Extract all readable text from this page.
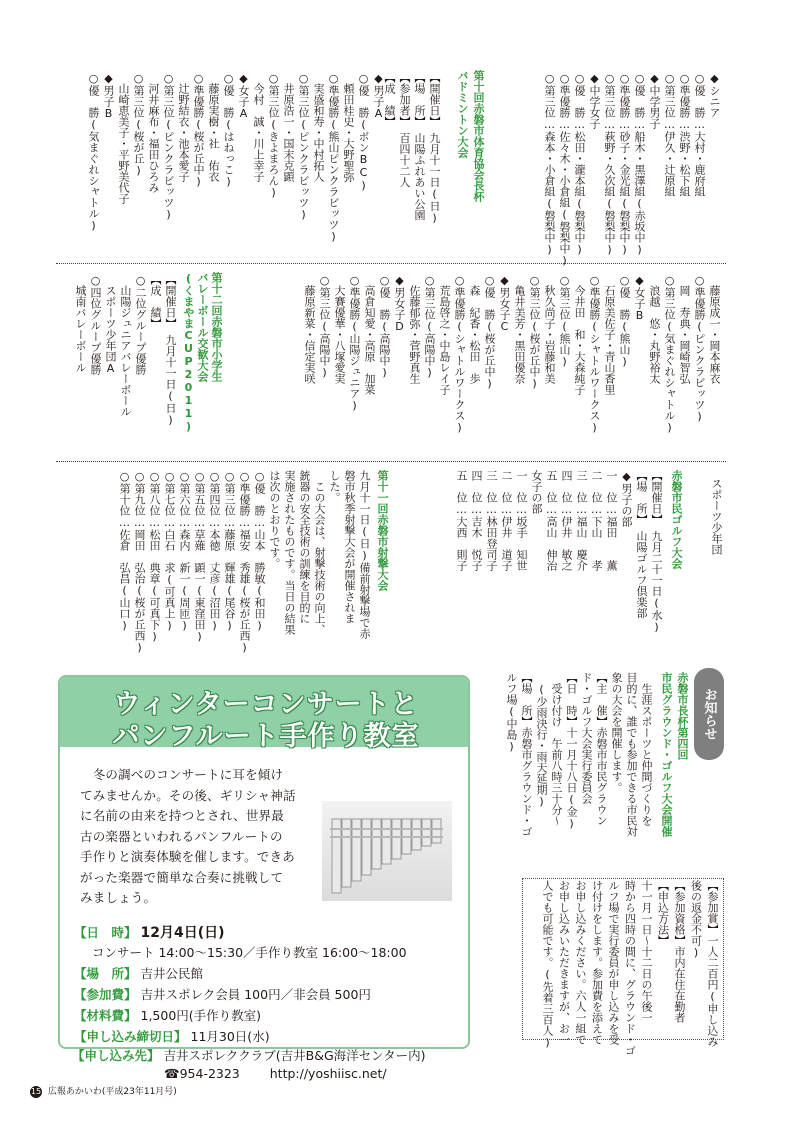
◆シニア
○優　勝…大村・鹿府組
○準優勝…渋野・松下組
○第三位…伊久・辻原組
◆中学男子
○優　勝…船木・黒澤組(赤坂中)
○準優勝…砂子・金光組(磐梨中)
○第三位…萩野・久次組(磐梨中)
◆中学女子
○優　勝…松田・瀧本組(磐梨中)
○準優勝…佐々木・小倉組(磐梨中)
○第三位…森本・小倉組(磐梨中)
第十回赤磐市体育協会長杯
バドミントン大会
【開催日】　九月十一日(日)
【場　所】　山陽ふれあい公園
【参加者】　百四十二人
【成　績】
◆男子A
○優　勝(ボンBC)
　頼田桂史・大野聖弥
○準優勝(熊山ピンクラビッツ)
　実盛和寿・中村拓人
○第三位(ピンクラビッツ)
　井原浩一・国末克顕
○第三位(きよまろん)
　今村　誠・川上幸子
◆女子A
○優　勝(はねっこ)
　藤原実樹・社　佑衣
○準優勝(桜が丘中)
　辻野結衣・池本愛子
○第三位(ピンクラビッツ)
　河井麻布・福田ひろみ
○第三位(桜が丘)
　山崎恵美子・平野美代子
◆男子B
○優　勝(気まぐれシャトル)
　藤原成一・岡本麻衣
○準優勝(ピンクラビッツ)
　岡　寿典・岡崎智弘
○第三位(気まぐれシャトル)
　浪越　悠・丸野裕太
◆女子B
○優　勝(熊山)
　石原美佐子・青山香里
○準優勝(シャトルワークス)
　今井田　和・大森純子
○第三位(熊山)
　秋久尚子・岩藤和美
○第三位(桜が丘中)
　亀井美芳・黒田優奈
◆男女子C
○優　勝(桜が丘中)
　森　紀香・松田　歩
○準優勝(シャトルワークス)
　荒島啓之・中島レイ子
○第三位(高陽中)
　佐藤郁弥・菅野真生
◆男女子D
○優　勝(高陽中)
　高倉知愛・高原　加菜
○準優勝(山陽ジュニア)
　大賽優華・八塚愛実
○第三位(高陽中)
　藤原新菜・信定実咲
第十二回赤磐市小学生
バレーボール交歓大会
(くまやまCUP2011)
【開催日】　九月十一日(日)
【成　績】
○二位グループ優勝
　山陽ジュニアバレーボール
　スポーツ少年団A
○四位グループ優勝
　城南バレーボール
スポーツ少年団
赤磐市民ゴルフ大会
【開催日】　九月二十一日(水)
【場　所】　山陽ゴルフ倶楽部
◆男子の部
一　位…福田　　薫
二　位…下山　　孝
三　位…福山　慶介
四　位…伊井　敏之
五　位…高山　伸治
女子の部
一　位…坂手　知世
二　位…伊井　道子
三　位…林田登司子
四　位…吉木　悦子
五　位…大西　則子
第十一回赤磐市射撃大会
九月十一日(日)備前射撃場で赤
磐市秋季射撃大会が開催されま
した。
　この大会は、射撃技術の向上、
銃器の安全技術の訓練を目的に
実施されたものです。当日の結果
は次のとおりです。
○優　勝…山本　勝敏(和田)
○準優勝…福安　秀雄(桜が丘西)
○第三位…藤原　輝雄(尾谷)
○第四位…本徳　丈彦(沼田)
○第五位…草薙　顕一(東窪田)
○第六位…森内　新一(周匝)
○第七位…白石　求(可真上)
○第八位…松田　典章(可真下)
○第九位…岡田　弘治(桜が丘西)
○第十位…佐倉　弘昌(山口)
お知らせ
赤磐市長杯第四回
市民グラウンド・ゴルフ大会開催
　生涯スポーツと仲間づくりを
目的に、誰でも参加できる市民対
象の大会を開催します。
【主　催】赤磐市市民グラウン
ド・ゴルフ大会実行委員会
【日　時】十一月十八日(金)
　受け付け　午前八時三十分〜
　(少雨決行・雨天延期)
【場　所】赤磐市グラウンド・ゴ
ルフ場(中島)
【参加賞】一人二百円(申し込み
後の返金不可)
【参加資格】市内在住在勤者
【申込方法】
十一月一日〜十二日の午後一
時から四時の間に、グラウンド・ゴ
ルフ場で実行委員が申し込みを受
け付けをします。参加費を添えて
お申し込みください。六人一組で
お申し込みいただきますが、お一
人でも可能です。(先着三百人)
ウィンターコンサートと
パンフルート手作り教室
　冬の調べのコンサートに耳を傾け
てみませんか。その後、ギリシャ神話
に名前の由来を持つとされ、世界最
古の楽器といわれるパンフルートの
手作りと演奏体験を催します。できあ
がった楽器で簡単な合奏に挑戦して
みましょう。
【日　時】 12月4日(日)
コンサート 14:00〜15:30／手作り教室 16:00〜18:00
【場　所】 吉井公民館
【参加費】 吉井スポレク会員 100円／非会員 500円
【材料費】 1,500円(手作り教室)
【申し込み締切日】 11月30日(水)
【申し込み先】 吉井スポレククラブ(吉井B&G海洋センター内)
☎954-2323 http://yoshiisc.net/
15 広報あかいわ(平成23年11月号)
